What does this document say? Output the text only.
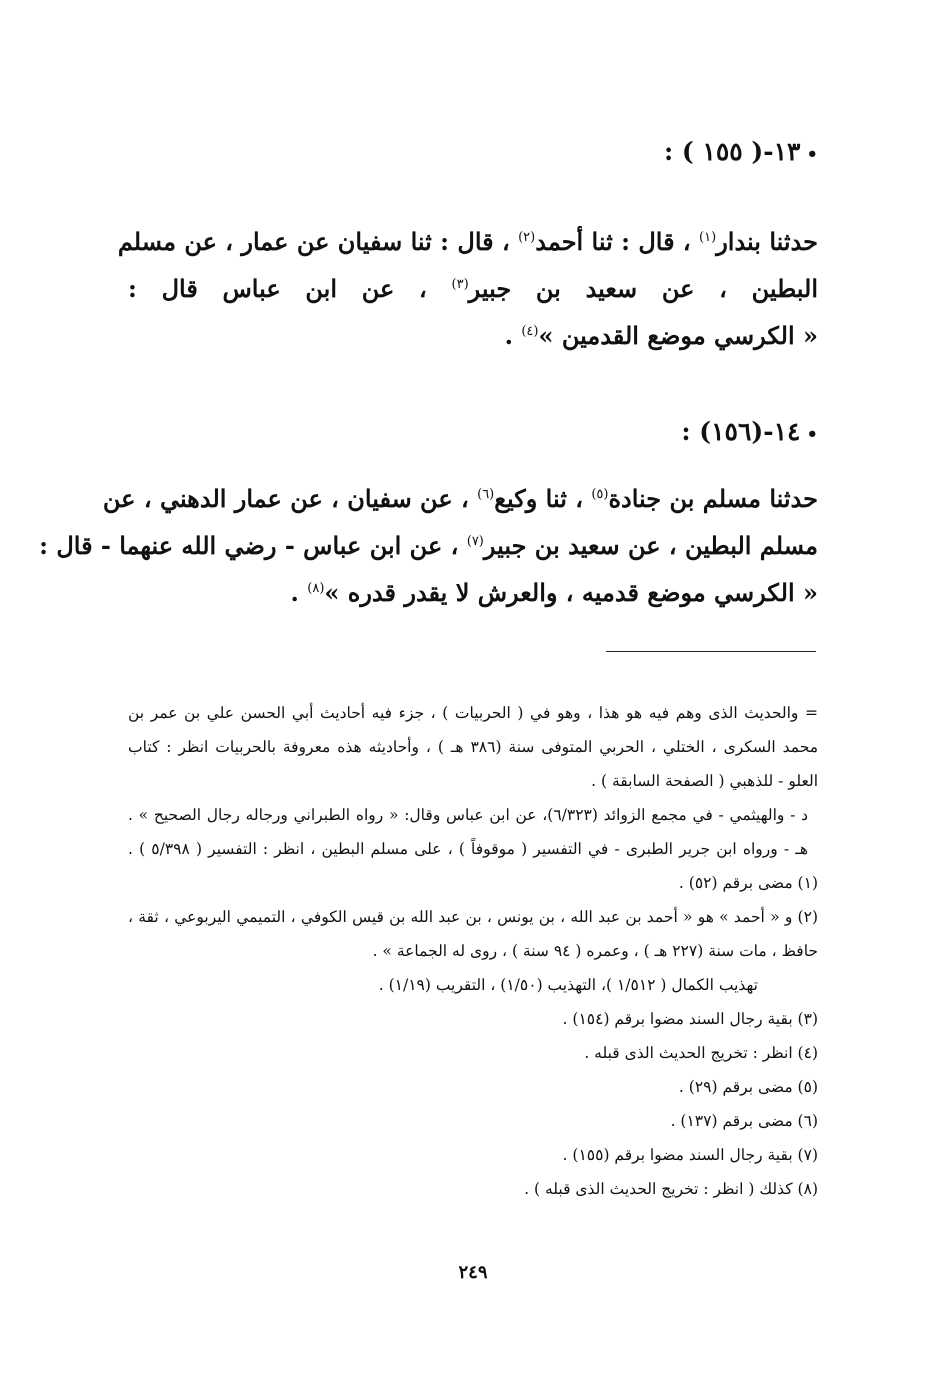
•١٣-( ١٥٥ ) :
حدثنا بندار$^{(١)}$ ، قال : ثنا أحمد$^{(٢)}$ ، قال : ثنا سفيان عن عمار ، عن مسلم
البطين ، عن سعيد بن جبير$^{(٣)}$ ، عن ابن عباس قال :
« الكرسي موضع القدمين »$^{(٤)}$ .
•١٤-(١٥٦) :
حدثنا مسلم بن جنادة$^{(٥)}$ ، ثنا وكيع$^{(٦)}$ ، عن سفيان ، عن عمار الدهني ، عن
مسلم البطين ، عن سعيد بن جبير$^{(٧)}$ ، عن ابن عباس - رضي الله عنهما - قال :
« الكرسي موضع قدميه ، والعرش لا يقدر قدره »$^{(٨)}$ .
= والحديث الذى وهم فيه هو هذا ، وهو في ( الحربيات ) ، جزء فيه أحاديث أبي الحسن علي بن عمر بن
محمد السكرى ، الختلي ، الحربي المتوفى سنة (٣٨٦ هـ ) ، وأحاديثه هذه معروفة بالحربيات انظر : كتاب
العلو - للذهبي ( الصفحة السابقة ) .
د - والهيثمي - في مجمع الزوائد (٦/٣٢٣)، عن ابن عباس وقال: « رواه الطبراني ورجاله رجال الصحيح » .
هـ - ورواه ابن جرير الطبرى - في التفسير ( موقوفاً ) ، على مسلم البطين ، انظر : التفسير ( ٥/٣٩٨ ) .
(١) مضى برقم (٥٢) .
(٢) و « أحمد » هو « أحمد بن عبد الله ، بن يونس ، بن عبد الله بن قيس الكوفي ، التميمي اليربوعي ، ثقة ،
حافظ ، مات سنة (٢٢٧ هـ ) ، وعمره ( ٩٤ سنة ) ، روى له الجماعة » .
تهذيب الكمال ( ١/٥١٢ )، التهذيب (١/٥٠) ، التقريب (١/١٩) .
(٣) بقية رجال السند مضوا برقم (١٥٤) .
(٤) انظر : تخريج الحديث الذى قبله .
(٥) مضى برقم (٢٩) .
(٦) مضى برقم (١٣٧) .
(٧) بقية رجال السند مضوا برقم (١٥٥) .
(٨) كذلك ( انظر : تخريج الحديث الذى قبله ) .
٢٤٩
